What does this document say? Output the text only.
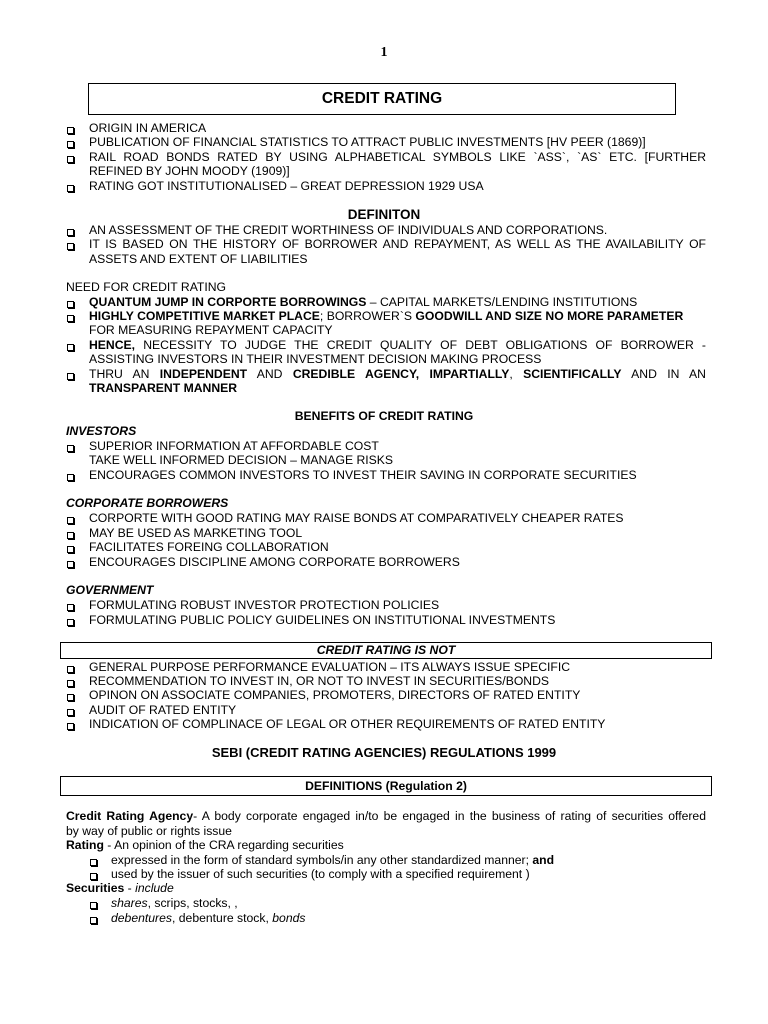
1
CREDIT RATING
ORIGIN IN AMERICA
PUBLICATION OF FINANCIAL STATISTICS TO ATTRACT PUBLIC INVESTMENTS [HV PEER (1869)]
RAIL ROAD BONDS RATED BY USING ALPHABETICAL SYMBOLS LIKE `ASS`, `AS` ETC. [FURTHER
REFINED BY JOHN MOODY (1909)]
RATING GOT INSTITUTIONALISED – GREAT DEPRESSION 1929 USA
DEFINITON
AN ASSESSMENT OF THE CREDIT WORTHINESS OF INDIVIDUALS AND CORPORATIONS.
IT IS BASED ON THE HISTORY OF BORROWER AND REPAYMENT, AS WELL AS THE AVAILABILITY OF
ASSETS AND EXTENT OF LIABILITIES
NEED FOR CREDIT RATING
QUANTUM JUMP IN CORPORTE BORROWINGS – CAPITAL MARKETS/LENDING INSTITUTIONS
HIGHLY COMPETITIVE MARKET PLACE; BORROWER`S GOODWILL AND SIZE NO MORE PARAMETER
FOR MEASURING REPAYMENT CAPACITY
HENCE, NECESSITY TO JUDGE THE CREDIT QUALITY OF DEBT OBLIGATIONS OF BORROWER -
ASSISTING INVESTORS IN THEIR INVESTMENT DECISION MAKING PROCESS
THRU AN INDEPENDENT AND CREDIBLE AGENCY, IMPARTIALLY, SCIENTIFICALLY AND IN AN
TRANSPARENT MANNER
BENEFITS OF CREDIT RATING
INVESTORS
SUPERIOR INFORMATION AT AFFORDABLE COST
TAKE WELL INFORMED DECISION – MANAGE RISKS
ENCOURAGES COMMON INVESTORS TO INVEST THEIR SAVING IN CORPORATE SECURITIES
CORPORATE BORROWERS
CORPORTE WITH GOOD RATING MAY RAISE BONDS AT COMPARATIVELY CHEAPER RATES
MAY BE USED AS MARKETING TOOL
FACILITATES FOREING COLLABORATION
ENCOURAGES DISCIPLINE AMONG CORPORATE BORROWERS
GOVERNMENT
FORMULATING ROBUST INVESTOR PROTECTION POLICIES
FORMULATING PUBLIC POLICY GUIDELINES ON INSTITUTIONAL INVESTMENTS
CREDIT RATING IS NOT
GENERAL PURPOSE PERFORMANCE EVALUATION – ITS ALWAYS ISSUE SPECIFIC
RECOMMENDATION TO INVEST IN, OR NOT TO INVEST IN SECURITIES/BONDS
OPINON ON ASSOCIATE COMPANIES, PROMOTERS, DIRECTORS OF RATED ENTITY
AUDIT OF RATED ENTITY
INDICATION OF COMPLINACE OF LEGAL OR OTHER REQUIREMENTS OF RATED ENTITY
SEBI (CREDIT RATING AGENCIES) REGULATIONS 1999
DEFINITIONS (Regulation 2)
Credit Rating Agency- A body corporate engaged in/to be engaged in the business of rating of securities offered
by way of public or rights issue
Rating - An opinion of the CRA regarding securities
expressed in the form of standard symbols/in any other standardized manner; and
used by the issuer of such securities (to comply with a specified requirement )
Securities - include
shares, scrips, stocks, ,
debentures, debenture stock, bonds
